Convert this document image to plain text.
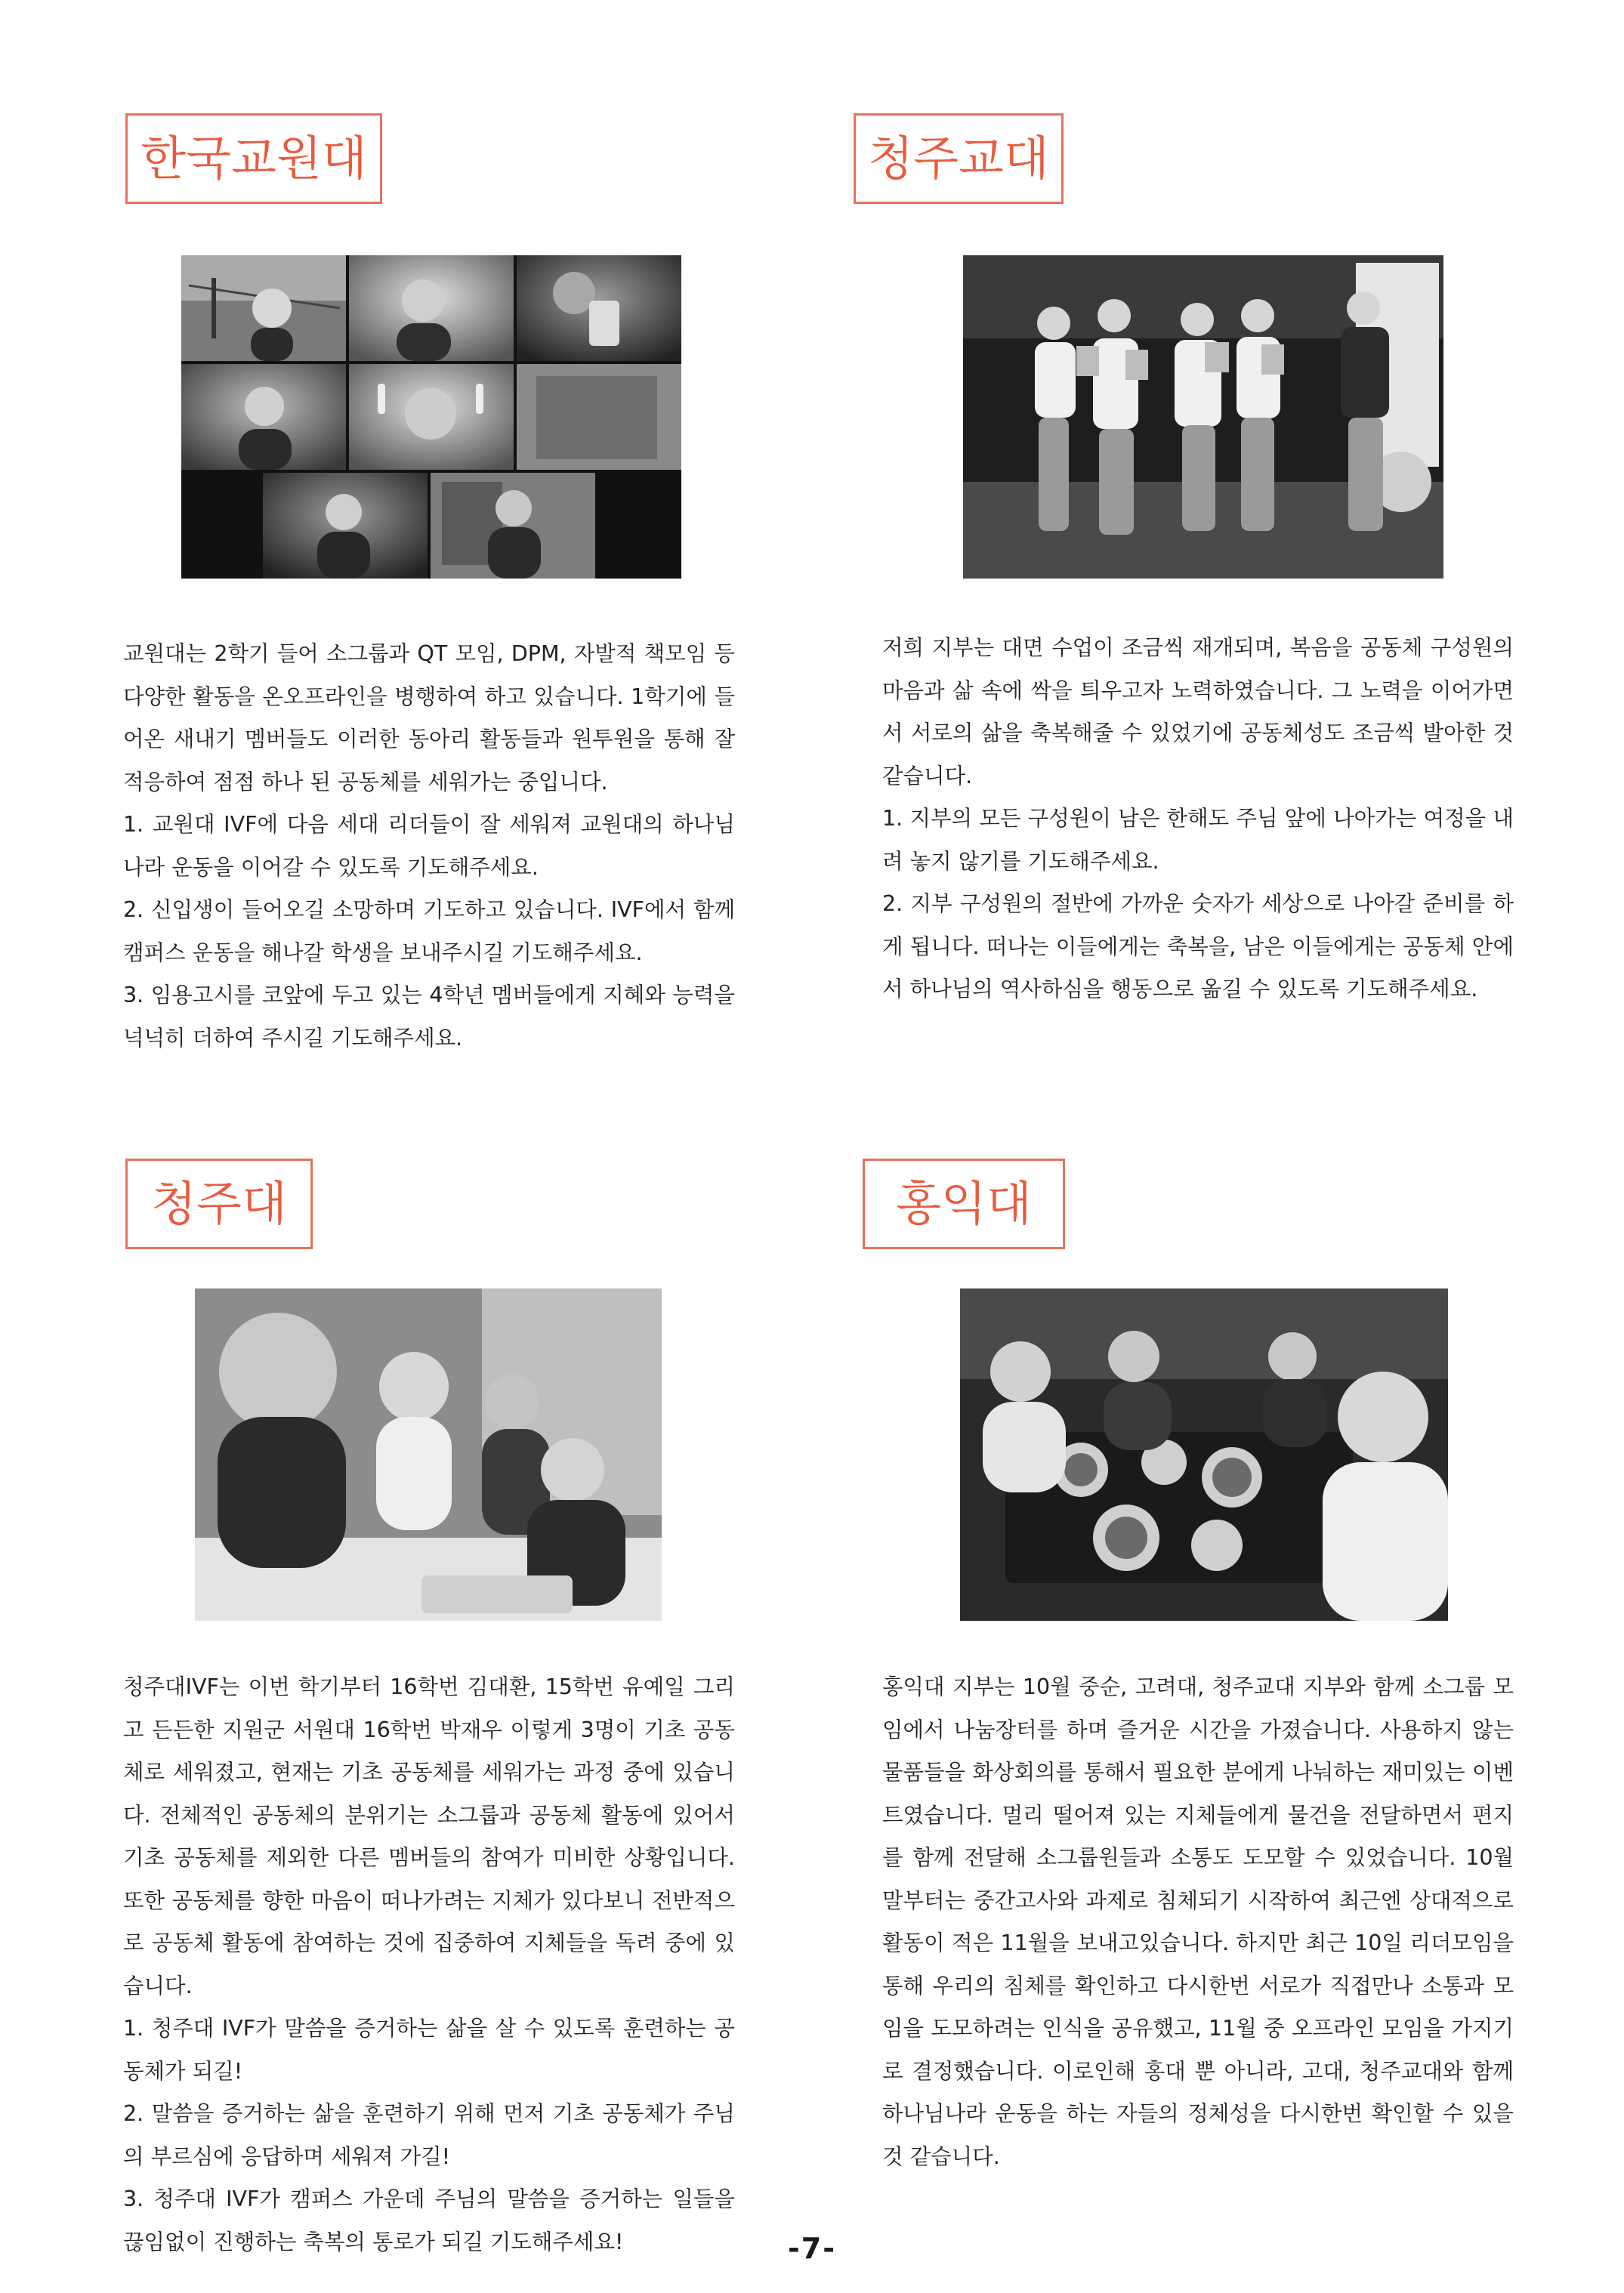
한국교원대

교원대는 2학기 들어 소그룹과 QT 모임, DPM, 자발적 책모임 등 다양한 활동을 온오프라인을 병행하여 하고 있습니다. 1학기에 들어온 새내기 멤버들도 이러한 동아리 활동들과 원투원을 통해 잘 적응하여 점점 하나 된 공동체를 세워가는 중입니다.

1. 교원대 IVF에 다음 세대 리더들이 잘 세워져 교원대의 하나님 나라 운동을 이어갈 수 있도록 기도해주세요.

2. 신입생이 들어오길 소망하며 기도하고 있습니다. IVF에서 함께 캠퍼스 운동을 해나갈 학생을 보내주시길 기도해주세요.

3. 임용고시를 코앞에 두고 있는 4학년 멤버들에게 지혜와 능력을 넉넉히 더하여 주시길 기도해주세요.

청주교대

저희 지부는 대면 수업이 조금씩 재개되며, 복음을 공동체 구성원의 마음과 삶 속에 싹을 틔우고자 노력하였습니다. 그 노력을 이어가면서 서로의 삶을 축복해줄 수 있었기에 공동체성도 조금씩 발아한 것 같습니다.

1. 지부의 모든 구성원이 남은 한해도 주님 앞에 나아가는 여정을 내려 놓지 않기를 기도해주세요.

2. 지부 구성원의 절반에 가까운 숫자가 세상으로 나아갈 준비를 하게 됩니다. 떠나는 이들에게는 축복을, 남은 이들에게는 공동체 안에서 하나님의 역사하심을 행동으로 옮길 수 있도록 기도해주세요.

청주대

청주대IVF는 이번 학기부터 16학번 김대환, 15학번 유예일 그리고 든든한 지원군 서원대 16학번 박재우 이렇게 3명이 기초 공동체로 세워졌고, 현재는 기초 공동체를 세워가는 과정 중에 있습니다. 전체적인 공동체의 분위기는 소그룹과 공동체 활동에 있어서 기초 공동체를 제외한 다른 멤버들의 참여가 미비한 상황입니다. 또한 공동체를 향한 마음이 떠나가려는 지체가 있다보니 전반적으로 공동체 활동에 참여하는 것에 집중하여 지체들을 독려 중에 있습니다.

1. 청주대 IVF가 말씀을 증거하는 삶을 살 수 있도록 훈련하는 공동체가 되길!

2. 말씀을 증거하는 삶을 훈련하기 위해 먼저 기초 공동체가 주님의 부르심에 응답하며 세워져 가길!

3. 청주대 IVF가 캠퍼스 가운데 주님의 말씀을 증거하는 일들을 끊임없이 진행하는 축복의 통로가 되길 기도해주세요!

홍익대

홍익대 지부는 10월 중순, 고려대, 청주교대 지부와 함께 소그룹 모임에서 나눔장터를 하며 즐거운 시간을 가졌습니다. 사용하지 않는 물품들을 화상회의를 통해서 필요한 분에게 나눠하는 재미있는 이벤트였습니다. 멀리 떨어져 있는 지체들에게 물건을 전달하면서 편지를 함께 전달해 소그룹원들과 소통도 도모할 수 있었습니다. 10월 말부터는 중간고사와 과제로 침체되기 시작하여 최근엔 상대적으로 활동이 적은 11월을 보내고있습니다. 하지만 최근 10일 리더모임을 통해 우리의 침체를 확인하고 다시한번 서로가 직접만나 소통과 모임을 도모하려는 인식을 공유했고, 11월 중 오프라인 모임을 가지기로 결정했습니다. 이로인해 홍대 뿐 아니라, 고대, 청주교대와 함께 하나님나라 운동을 하는 자들의 정체성을 다시한번 확인할 수 있을 것 같습니다.

-7-
